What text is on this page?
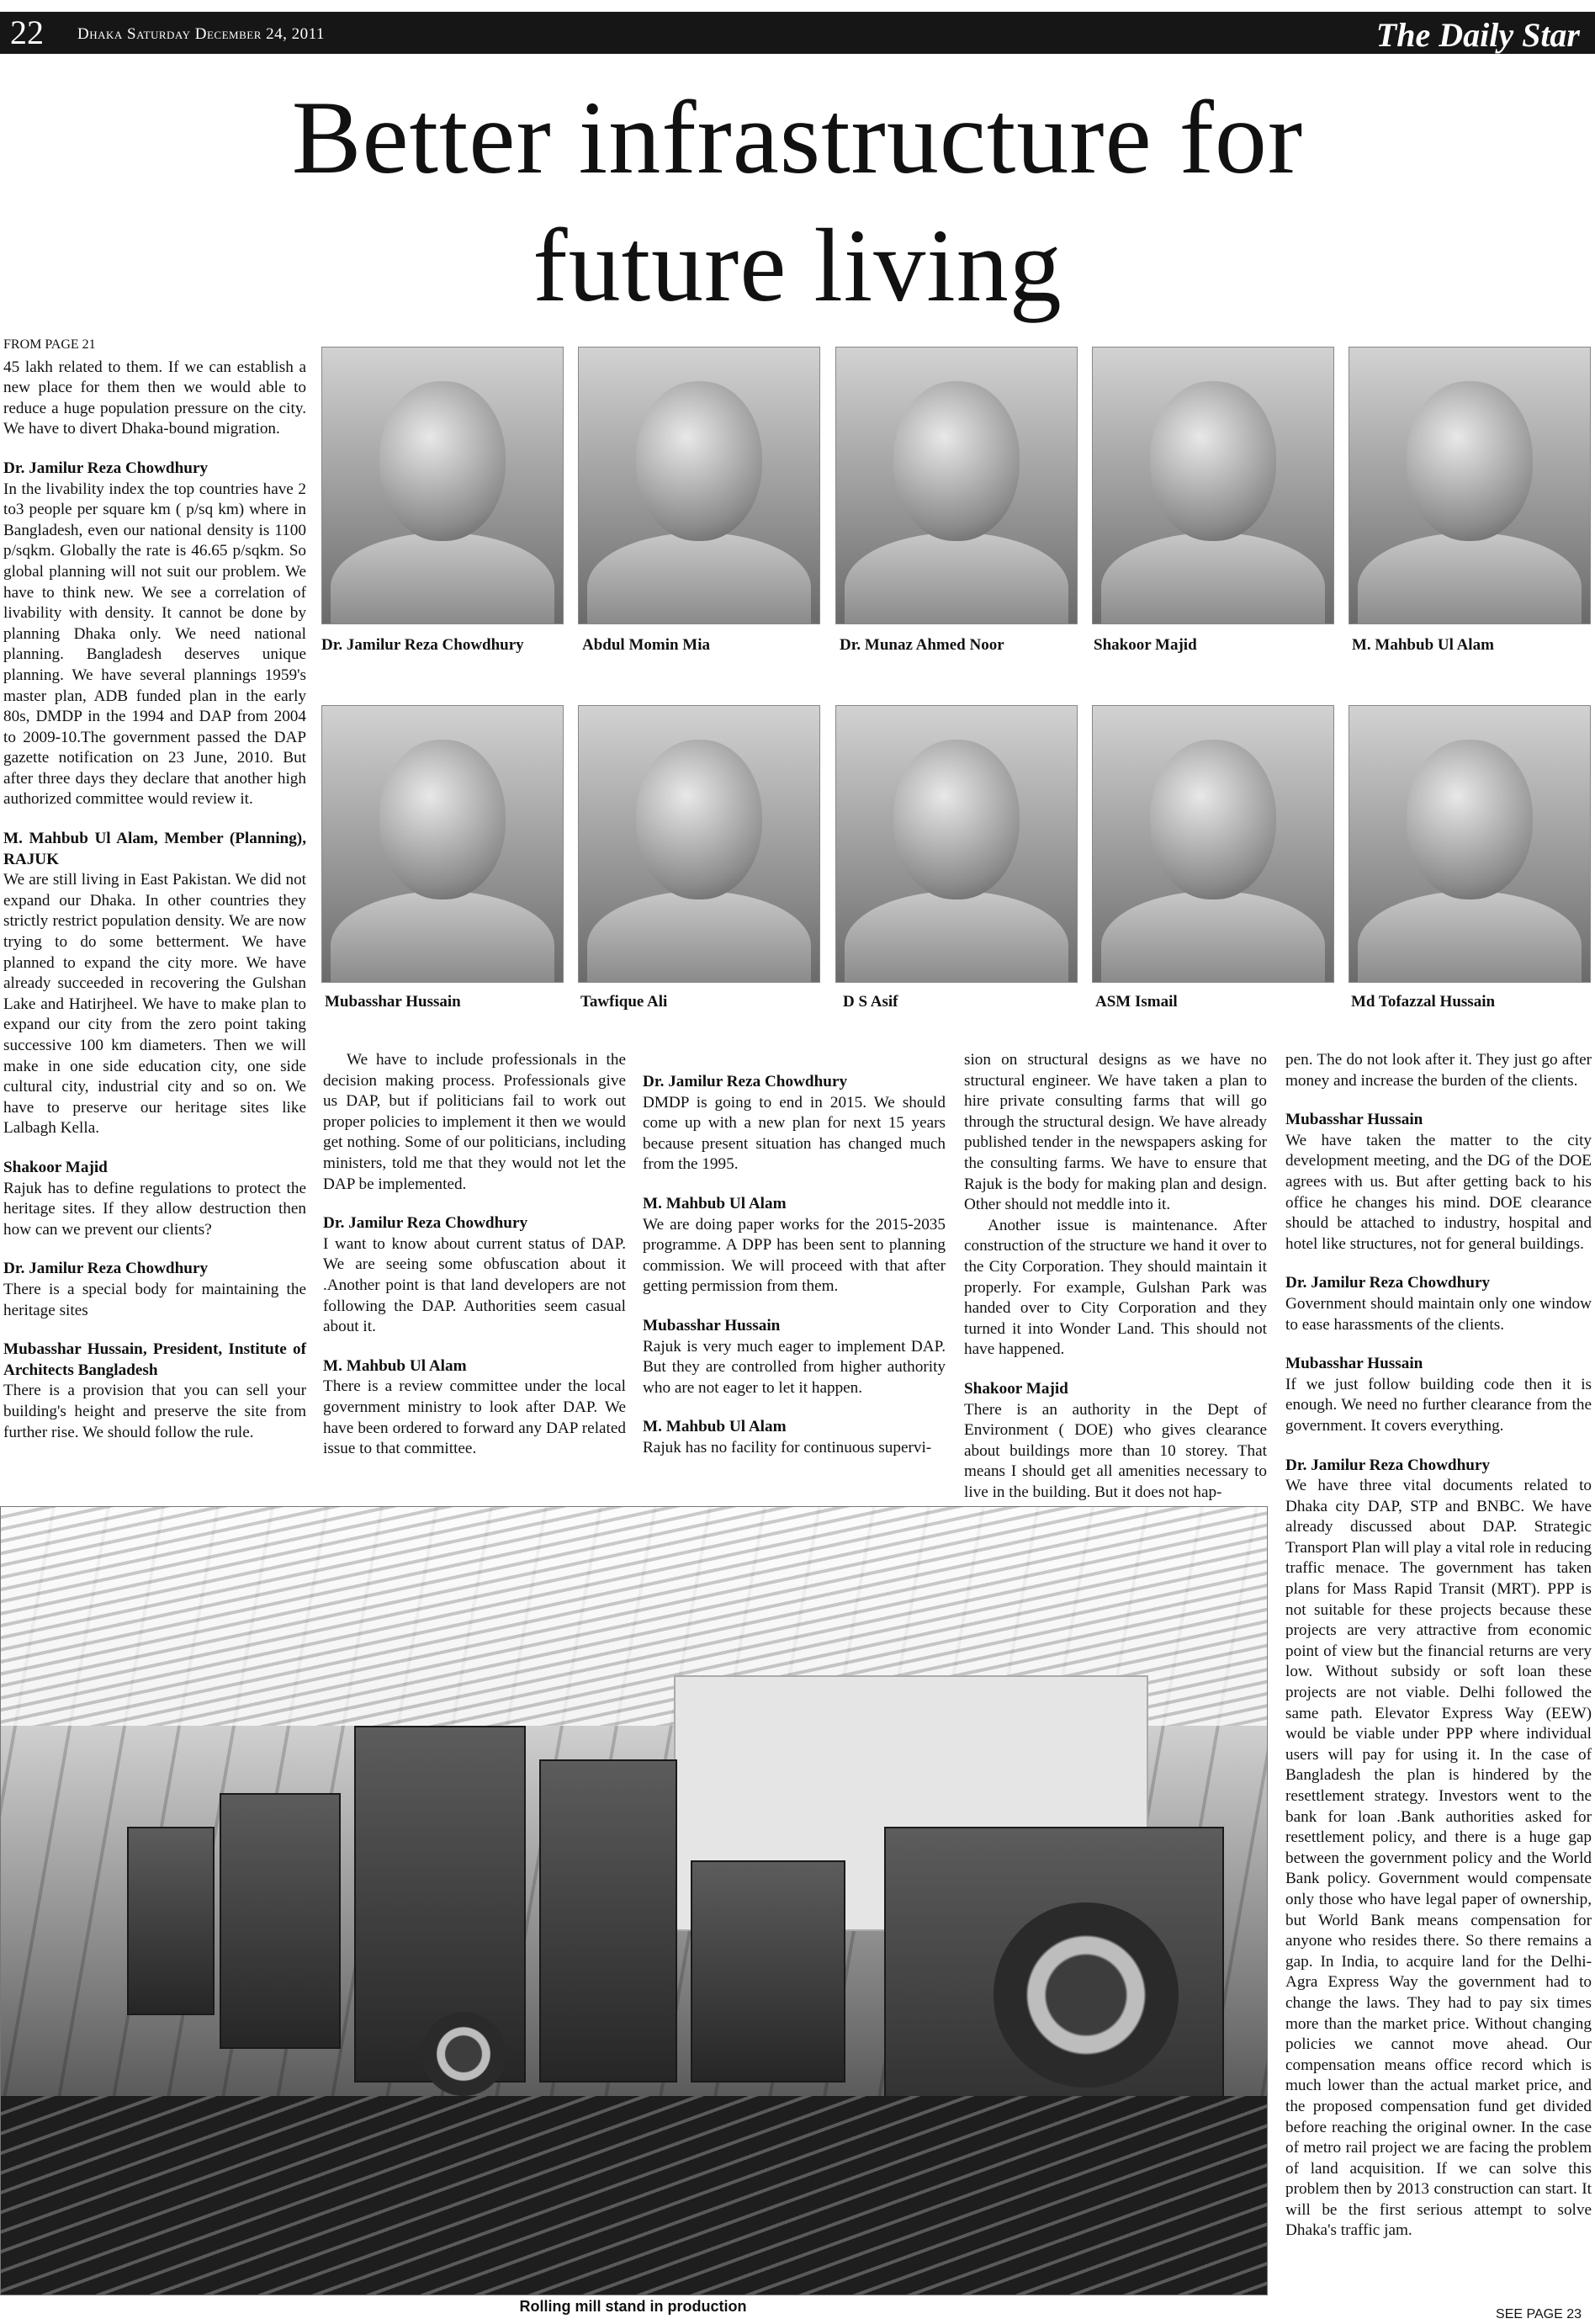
22 Dhaka Saturday December 24, 2011	The Daily Star
Better infrastructure for
future living
FROM PAGE 21

45 lakh related to them. If we can establish a new place for them then we would able to reduce a huge population pressure on the city. We have to divert Dhaka-bound migration.

Dr. Jamilur Reza Chowdhury

In the livability index the top countries have 2 to3 people per square km ( p/sq km) where in Bangladesh, even our national density is 1100 p/sqkm. Globally the rate is 46.65 p/sqkm. So global planning will not suit our problem. We have to think new. We see a correlation of livability with density. It cannot be done by planning Dhaka only. We need national planning. Bangladesh deserves unique planning. We have several plannings 1959's master plan, ADB funded plan in the early 80s, DMDP in the 1994 and DAP from 2004 to 2009-10.The government passed the DAP gazette notification on 23 June, 2010. But after three days they declare that another high authorized committee would review it.

M. Mahbub Ul Alam, Member (Planning), RAJUK

We are still living in East Pakistan. We did not expand our Dhaka. In other countries they strictly restrict population density. We are now trying to do some betterment. We have planned to expand the city more. We have already succeeded in recovering the Gulshan Lake and Hatirjheel. We have to make plan to expand our city from the zero point taking successive 100 km diameters. Then we will make in one side education city, one side cultural city, industrial city and so on. We have to preserve our heritage sites like Lalbagh Kella.

Shakoor Majid

Rajuk has to define regulations to protect the heritage sites. If they allow destruction then how can we prevent our clients?

Dr. Jamilur Reza Chowdhury

There is a special body for maintaining the heritage sites

Mubasshar Hussain, President, Institute of Architects Bangladesh

There is a provision that you can sell your building's height and preserve the site from further rise. We should follow the rule.

Dr. Jamilur Reza Chowdhury	Abdul Momin Mia	Dr. Munaz Ahmed Noor	Shakoor Majid	M. Mahbub Ul Alam
Mubasshar Hussain	Tawfique Ali	D S Asif	ASM Ismail	Md Tofazzal Hussain

We have to include professionals in the decision making process. Professionals give us DAP, but if politicians fail to work out proper policies to implement it then we would get nothing. Some of our politicians, including ministers, told me that they would not let the DAP be implemented.

Dr. Jamilur Reza Chowdhury

I want to know about current status of DAP. We are seeing some obfuscation about it .Another point is that land developers are not following the DAP. Authorities seem casual about it.

M. Mahbub Ul Alam

There is a review committee under the local government ministry to look after DAP. We have been ordered to forward any DAP related issue to that committee.

Dr. Jamilur Reza Chowdhury

DMDP is going to end in 2015. We should come up with a new plan for next 15 years because present situation has changed much from the 1995.

M. Mahbub Ul Alam

We are doing paper works for the 2015-2035 programme. A DPP has been sent to planning commission. We will proceed with that after getting permission from them.

Mubasshar Hussain

Rajuk is very much eager to implement DAP. But they are controlled from higher authority who are not eager to let it happen.

M. Mahbub Ul Alam

Rajuk has no facility for continuous supervi-

sion on structural designs as we have no structural engineer. We have taken a plan to hire private consulting farms that will go through the structural design. We have already published tender in the newspapers asking for the consulting farms. We have to ensure that Rajuk is the body for making plan and design. Other should not meddle into it.

Another issue is maintenance. After construction of the structure we hand it over to the City Corporation. They should maintain it properly. For example, Gulshan Park was handed over to City Corporation and they turned it into Wonder Land. This should not have happened.

Shakoor Majid

There is an authority in the Dept of Environment ( DOE) who gives clearance about buildings more than 10 storey. That means I should get all amenities necessary to live in the building. But it does not hap-

pen. The do not look after it. They just go after money and increase the burden of the clients.

Mubasshar Hussain

We have taken the matter to the city development meeting, and the DG of the DOE agrees with us. But after getting back to his office he changes his mind. DOE clearance should be attached to industry, hospital and hotel like structures, not for general buildings.

Dr. Jamilur Reza Chowdhury

Government should maintain only one window to ease harassments of the clients.

Mubasshar Hussain

If we just follow building code then it is enough. We need no further clearance from the government. It covers everything.

Dr. Jamilur Reza Chowdhury

We have three vital documents related to Dhaka city DAP, STP and BNBC. We have already discussed about DAP. Strategic Transport Plan will play a vital role in reducing traffic menace. The government has taken plans for Mass Rapid Transit (MRT). PPP is not suitable for these projects because these projects are very attractive from economic point of view but the financial returns are very low. Without subsidy or soft loan these projects are not viable. Delhi followed the same path. Elevator Express Way (EEW) would be viable under PPP where individual users will pay for using it. In the case of Bangladesh the plan is hindered by the resettlement strategy. Investors went to the bank for loan .Bank authorities asked for resettlement policy, and there is a huge gap between the government policy and the World Bank policy. Government would compensate only those who have legal paper of ownership, but World Bank means compensation for anyone who resides there. So there remains a gap. In India, to acquire land for the Delhi-Agra Express Way the government had to change the laws. They had to pay six times more than the market price. Without changing policies we cannot move ahead. Our compensation means office record which is much lower than the actual market price, and the proposed compensation fund get divided before reaching the original owner. In the case of metro rail project we are facing the problem of land acquisition. If we can solve this problem then by 2013 construction can start. It will be the first serious attempt to solve Dhaka's traffic jam.

Rolling mill stand in production	SEE PAGE 23
